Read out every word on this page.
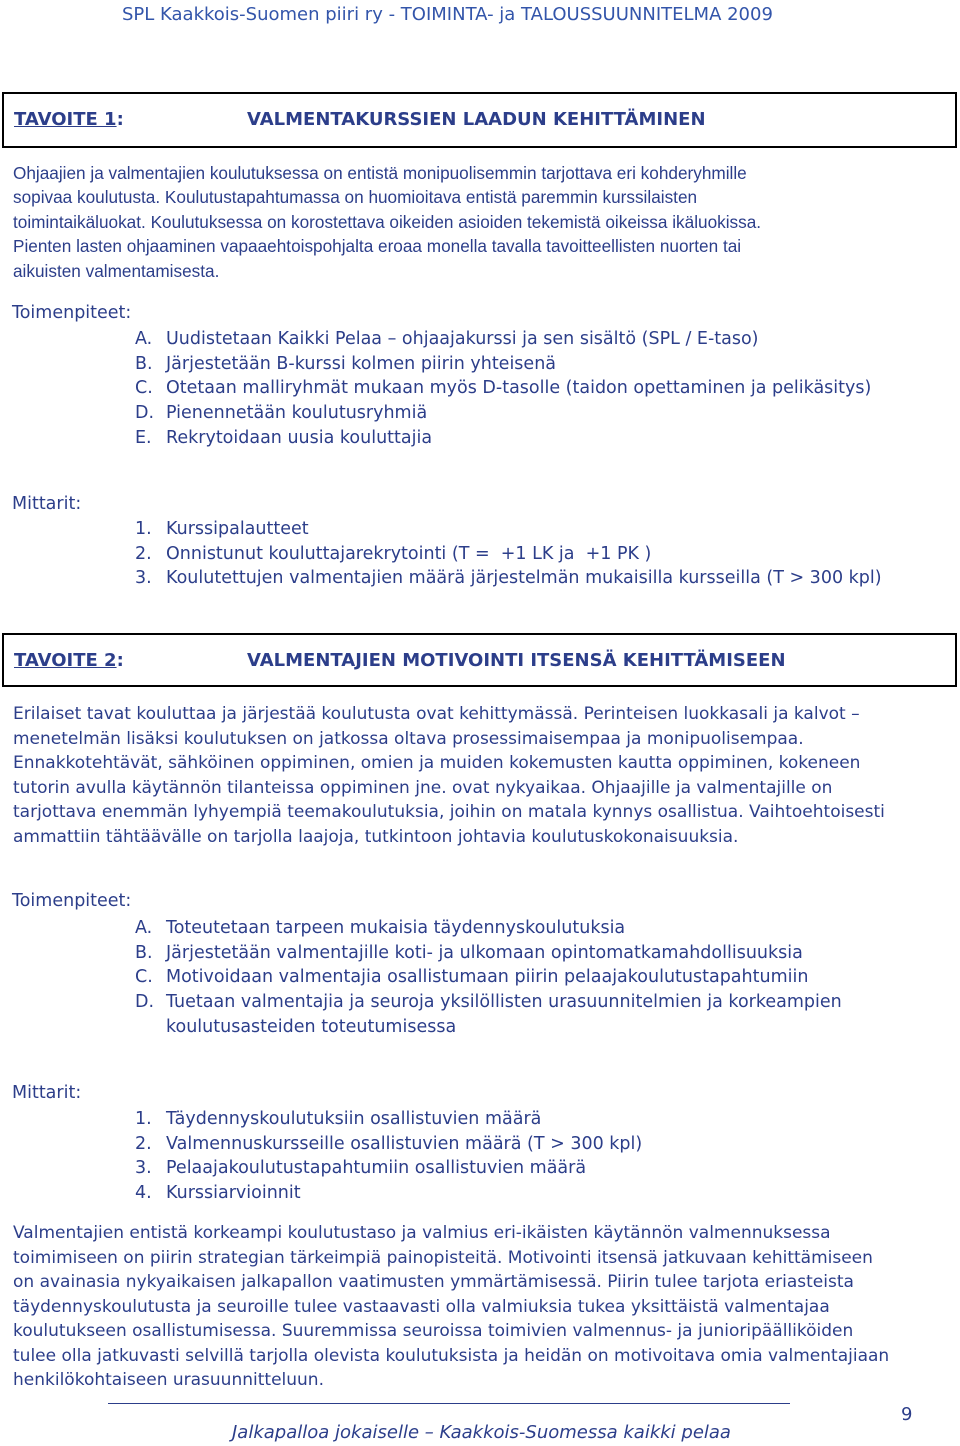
SPL Kaakkois-Suomen piiri ry - TOIMINTA- ja TALOUSSUUNNITELMA 2009
TAVOITE 1:	VALMENTAKURSSIEN LAADUN KEHITTÄMINEN
Ohjaajien ja valmentajien koulutuksessa on entistä monipuolisemmin tarjottava eri kohderyhmille
sopivaa koulutusta. Koulutustapahtumassa on huomioitava entistä paremmin kurssilaisten
toimintaikäluokat. Koulutuksessa on korostettava oikeiden asioiden tekemistä oikeissa ikäluokissa.
Pienten lasten ohjaaminen vapaaehtoispohjalta eroaa monella tavalla tavoitteellisten nuorten tai
aikuisten valmentamisesta.
Toimenpiteet:
A. Uudistetaan Kaikki Pelaa – ohjaajakurssi ja sen sisältö (SPL / E-taso)
B. Järjestetään B-kurssi kolmen piirin yhteisenä
C. Otetaan malliryhmät mukaan myös D-tasolle (taidon opettaminen ja pelikäsitys)
D. Pienennetään koulutusryhmiä
E. Rekrytoidaan uusia kouluttajia
Mittarit:
1. Kurssipalautteet
2. Onnistunut kouluttajarekrytointi (T =  +1 LK ja  +1 PK )
3. Koulutettujen valmentajien määrä järjestelmän mukaisilla kursseilla (T > 300 kpl)
TAVOITE 2:	VALMENTAJIEN MOTIVOINTI ITSENSÄ KEHITTÄMISEEN
Erilaiset tavat kouluttaa ja järjestää koulutusta ovat kehittymässä. Perinteisen luokkasali ja kalvot –
menetelmän lisäksi koulutuksen on jatkossa oltava prosessimaisempaa ja monipuolisempaa.
Ennakkotehtävät, sähköinen oppiminen, omien ja muiden kokemusten kautta oppiminen, kokeneen
tutorin avulla käytännön tilanteissa oppiminen jne. ovat nykyaikaa. Ohjaajille ja valmentajille on
tarjottava enemmän lyhyempiä teemakoulutuksia, joihin on matala kynnys osallistua. Vaihtoehtoisesti
ammattiin tähtäävälle on tarjolla laajoja, tutkintoon johtavia koulutuskokonaisuuksia.
Toimenpiteet:
A. Toteutetaan tarpeen mukaisia täydennyskoulutuksia
B. Järjestetään valmentajille koti- ja ulkomaan opintomatkamahdollisuuksia
C. Motivoidaan valmentajia osallistumaan piirin pelaajakoulutustapahtumiin
D. Tuetaan valmentajia ja seuroja yksilöllisten urasuunnitelmien ja korkeampien
koulutusasteiden toteutumisessa
Mittarit:
1. Täydennyskoulutuksiin osallistuvien määrä
2. Valmennuskursseille osallistuvien määrä (T > 300 kpl)
3. Pelaajakoulutustapahtumiin osallistuvien määrä
4. Kurssiarvioinnit
Valmentajien entistä korkeampi koulutustaso ja valmius eri-ikäisten käytännön valmennuksessa
toimimiseen on piirin strategian tärkeimpiä painopisteitä. Motivointi itsensä jatkuvaan kehittämiseen
on avainasia nykyaikaisen jalkapallon vaatimusten ymmärtämisessä. Piirin tulee tarjota eriasteista
täydennyskoulutusta ja seuroille tulee vastaavasti olla valmiuksia tukea yksittäistä valmentajaa
koulutukseen osallistumisessa. Suuremmissa seuroissa toimivien valmennus- ja junioripäälliköiden
tulee olla jatkuvasti selvillä tarjolla olevista koulutuksista ja heidän on motivoitava omia valmentajiaan
henkilökohtaiseen urasuunnitteluun.
9
Jalkapalloa jokaiselle – Kaakkois-Suomessa kaikki pelaa
